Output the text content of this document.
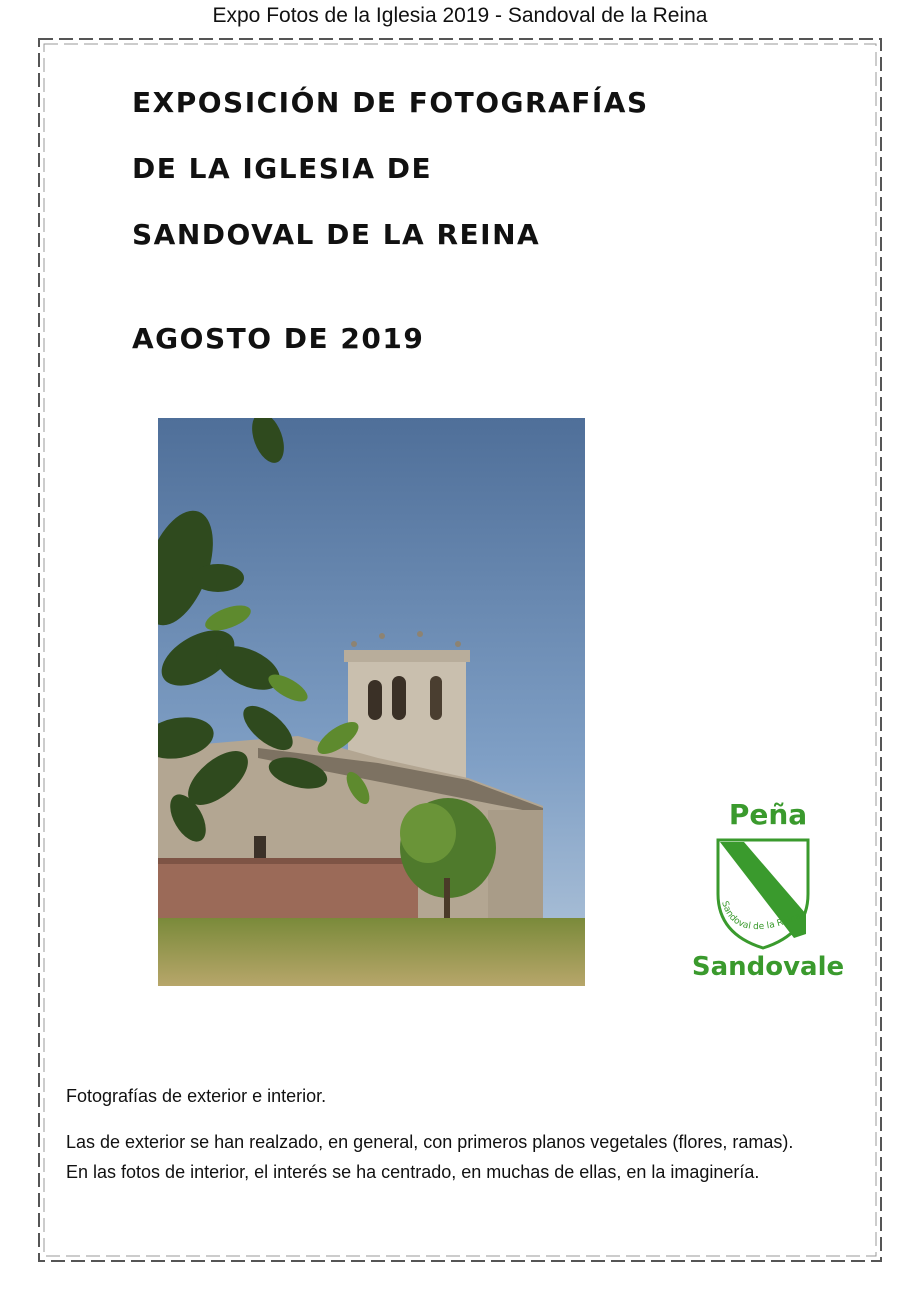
Expo Fotos de la Iglesia 2019 - Sandoval de la Reina
EXPOSICIÓN DE FOTOGRAFÍAS
DE LA IGLESIA DE
SANDOVAL DE LA REINA
AGOSTO DE 2019
Peña
Sandoval de la Reina
Sandovale
Fotografías de exterior e interior.
Las de exterior se han realzado, en general, con primeros planos vegetales (flores, ramas).
En las fotos de interior, el interés se ha centrado, en muchas de ellas, en la imaginería.
